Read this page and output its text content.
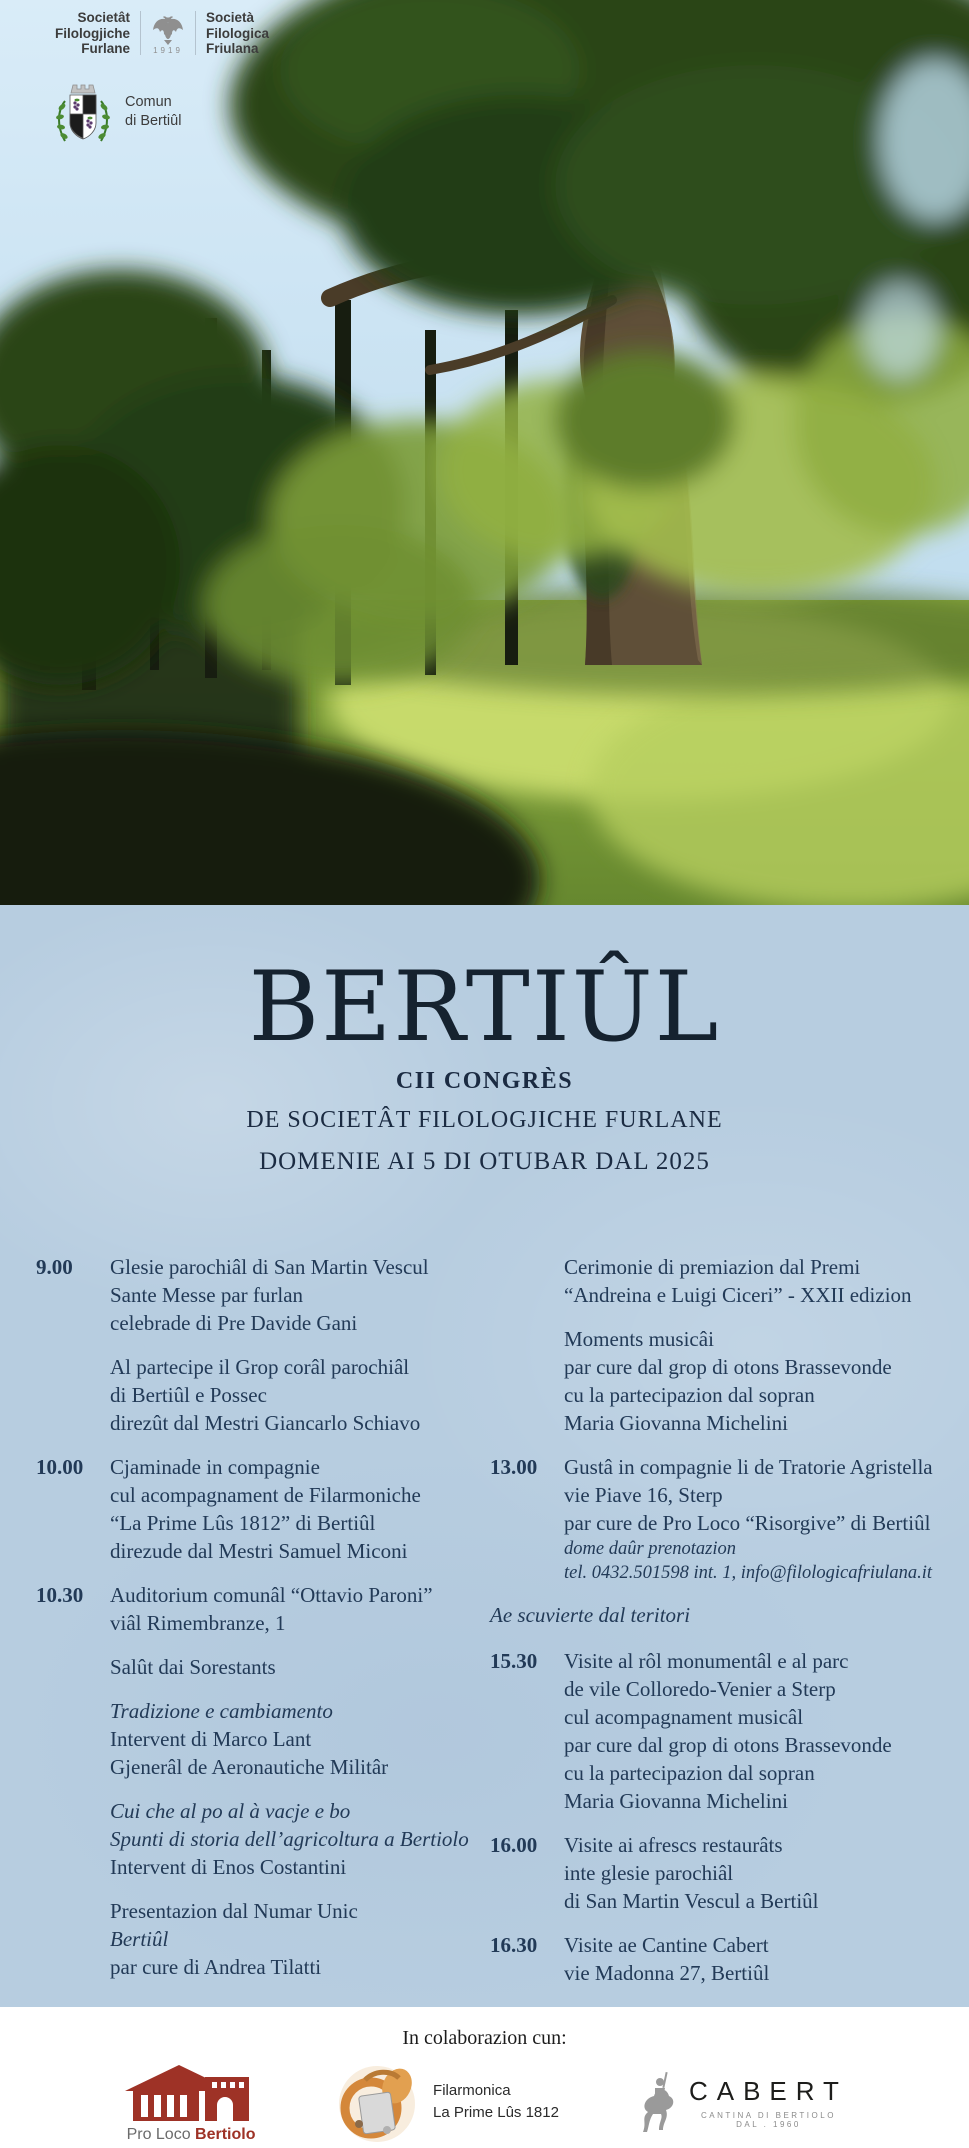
Societât
Filologjiche
Furlane	1919
Società
Filologica
Friulana
Comun
di Bertiûl
BERTIÛL
CII CONGRÈS
DE SOCIETÂT FILOLOGJICHE FURLANE
DOMENIE AI 5 DI OTUBAR DAL 2025
9.00	Glesie parochiâl di San Martin Vescul
Sante Messe par furlan
celebrade di Pre Davide Gani
Al partecipe il Grop corâl parochiâl
di Bertiûl e Possec
direzût dal Mestri Giancarlo Schiavo
10.00	Cjaminade in compagnie
cul acompagnament de Filarmoniche
“La Prime Lûs 1812” di Bertiûl
direzude dal Mestri Samuel Miconi
10.30	Auditorium comunâl “Ottavio Paroni”
viâl Rimembranze, 1
Salût dai Sorestants
Tradizione e cambiamento
Intervent di Marco Lant
Gjenerâl de Aeronautiche Militâr
Cui che al po al à vacje e bo
Spunti di storia dell’agricoltura a Bertiolo
Intervent di Enos Costantini
Presentazion dal Numar Unic
Bertiûl
par cure di Andrea Tilatti
Cerimonie di premiazion dal Premi
“Andreina e Luigi Ciceri” - XXII edizion
Moments musicâi
par cure dal grop di otons Brassevonde
cu la partecipazion dal sopran
Maria Giovanna Michelini
13.00	Gustâ in compagnie li de Tratorie Agristella
vie Piave 16, Sterp
par cure de Pro Loco “Risorgive” di Bertiûl
dome daûr prenotazion
tel. 0432.501598 int. 1, info@filologicafriulana.it
Ae scuvierte dal teritori
15.30	Visite al rôl monumentâl e al parc
de vile Colloredo-Venier a Sterp
cul acompagnament musicâl
par cure dal grop di otons Brassevonde
cu la partecipazion dal sopran
Maria Giovanna Michelini
16.00	Visite ai afrescs restaurâts
inte glesie parochiâl
di San Martin Vescul a Bertiûl
16.30	Visite ae Cantine Cabert
vie Madonna 27, Bertiûl
In colaborazion cun:
Pro Loco Bertiolo
Filarmonica
La Prime Lûs 1812
CABERT
CANTINA DI BERTIOLO
DAL . 1960
